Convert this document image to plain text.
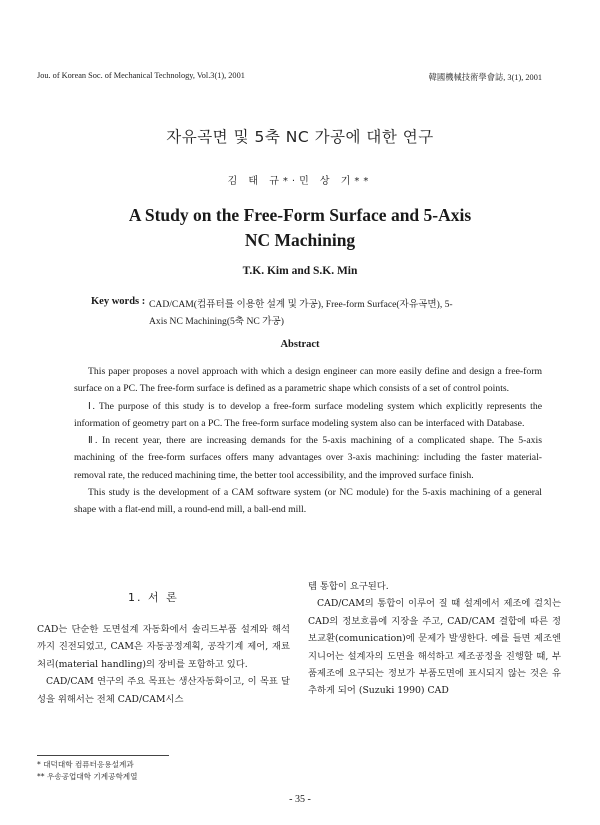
Jou. of Korean Soc. of Mechanical Technology, Vol.3(1), 2001	韓國機械技術學會誌, 3(1), 2001
자유곡면 및 5축 NC 가공에 대한 연구
김 태 규*·민 상 기**
A Study on the Free-Form Surface and 5-Axis
NC Machining
T.K. Kim and S.K. Min
Key words : CAD/CAM(컴퓨터를 이용한 설계 및 가공), Free-form Surface(자유곡면), 5-
Axis NC Machining(5축 NC 가공)
Abstract

This paper proposes a novel approach with which a design engineer can more easily define and design a free-form surface on a PC. The free-form surface is defined as a parametric shape which consists of a set of control points.

Ⅰ. The purpose of this study is to develop a free-form surface modeling system which explicitly represents the information of geometry part on a PC. The free-form surface modeling system also can be interfaced with Database.

Ⅱ. In recent year, there are increasing demands for the 5-axis machining of a complicated shape. The 5-axis machining of the free-form surfaces offers many advantages over 3-axis machining: including the faster material-removal rate, the reduced machining time, the better tool accessibility, and the improved surface finish.

This study is the development of a CAM software system (or NC module) for the 5-axis machining of a general shape with a flat-end mill, a round-end mill, a ball-end mill.

1. 서 론

CAD는 단순한 도면설계 자동화에서 솔리드부품 설계와 해석까지 진전되었고, CAM은 자동공정계획, 공작기계 제어, 재료처리(material handling)의 장비를 포함하고 있다.

CAD/CAM 연구의 주요 목표는 생산자동화이고, 이 목표 달성을 위해서는 전체 CAD/CAM시스

템 통합이 요구된다.

CAD/CAM의 통합이 이루어 질 때 설계에서 제조에 걸치는 CAD의 정보흐름에 지장을 주고, CAD/CAM 결합에 따른 정보교환(comunication)에 문제가 발생한다. 예를 들면 제조엔지니어는 설계자의 도면을 해석하고 제조공정을 진행할 때, 부품제조에 요구되는 정보가 부품도면에 표시되지 않는 것은 유추하게 되어 (Suzuki 1990) CAD

* 대덕대학 컴퓨터응용설계과
** 우송공업대학 기계공학계열
- 35 -
